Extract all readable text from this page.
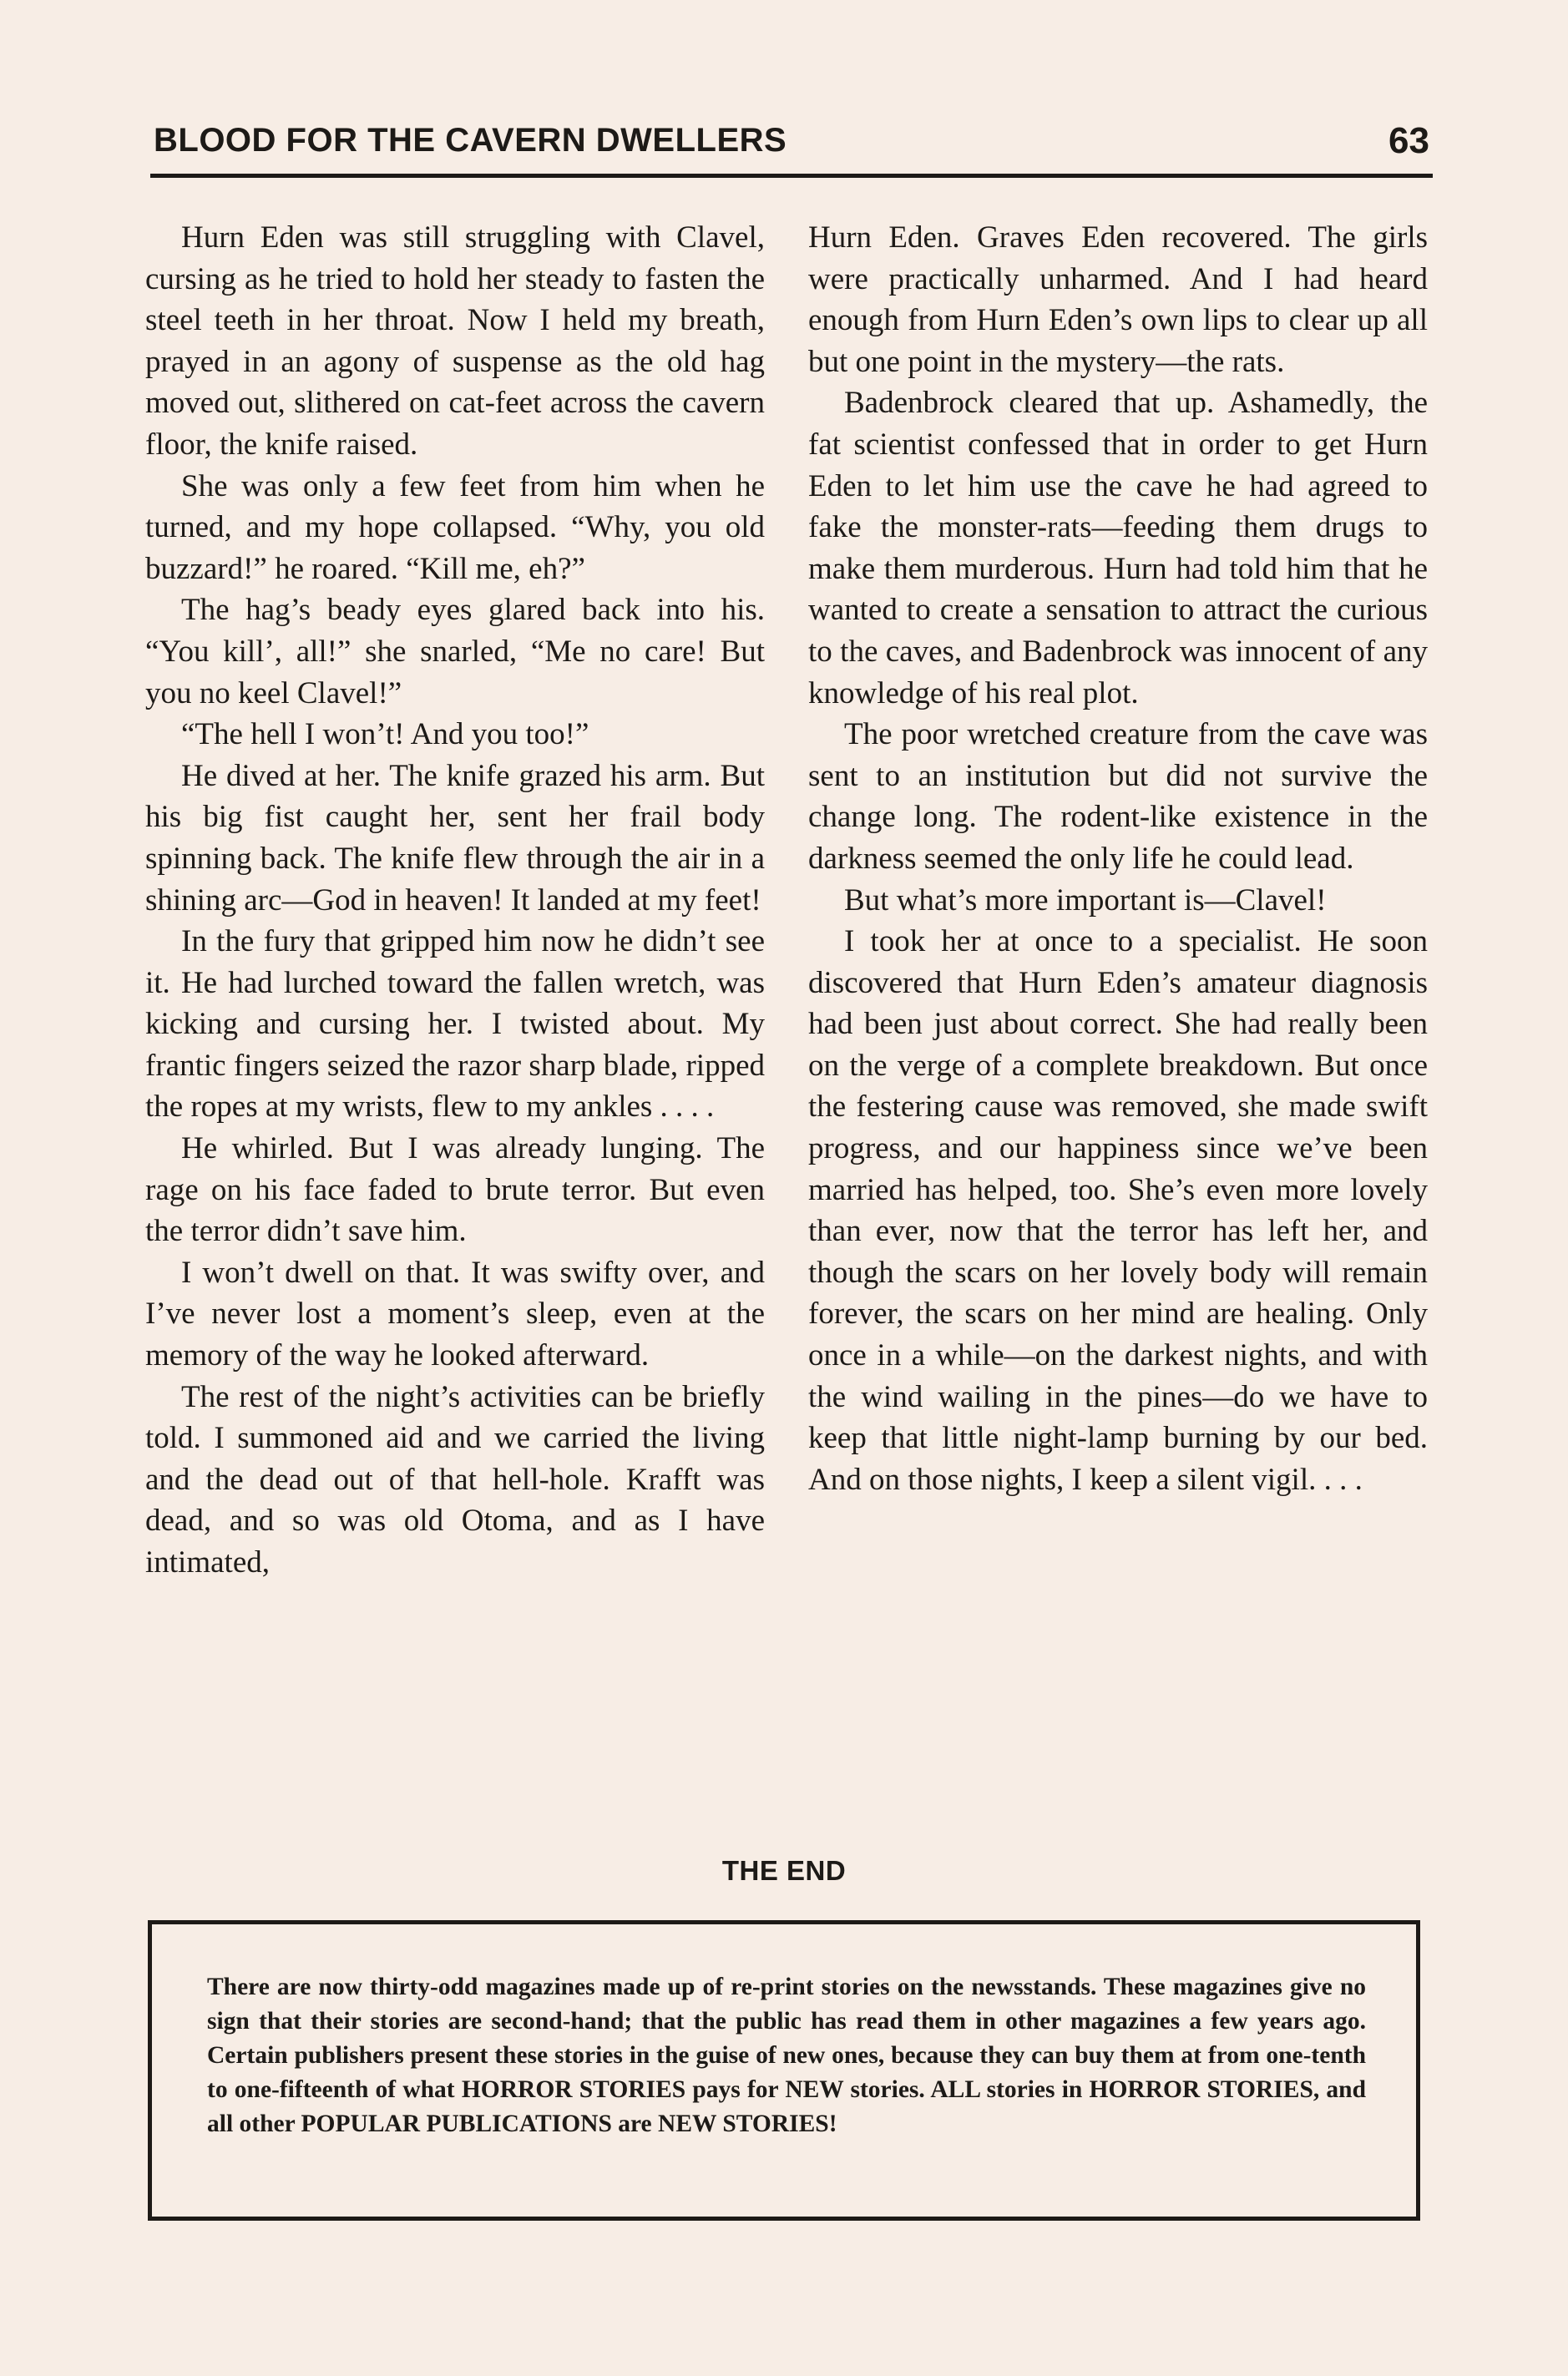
BLOOD FOR THE CAVERN DWELLERS	63

Hurn Eden was still struggling with Clavel, cursing as he tried to hold her steady to fasten the steel teeth in her throat. Now I held my breath, prayed in an agony of suspense as the old hag moved out, slithered on cat-feet across the cavern floor, the knife raised.

She was only a few feet from him when he turned, and my hope collapsed. “Why, you old buzzard!” he roared. “Kill me, eh?”

The hag’s beady eyes glared back into his. “You kill’, all!” she snarled, “Me no care! But you no keel Clavel!”

“The hell I won’t! And you too!”

He dived at her. The knife grazed his arm. But his big fist caught her, sent her frail body spinning back. The knife flew through the air in a shining arc—God in heaven! It landed at my feet!

In the fury that gripped him now he didn’t see it. He had lurched toward the fallen wretch, was kicking and cursing her. I twisted about. My frantic fingers seized the razor sharp blade, ripped the ropes at my wrists, flew to my ankles . . . .

He whirled. But I was already lunging. The rage on his face faded to brute terror. But even the terror didn’t save him.

I won’t dwell on that. It was swifty over, and I’ve never lost a moment’s sleep, even at the memory of the way he looked afterward.

The rest of the night’s activities can be briefly told. I summoned aid and we carried the living and the dead out of that hell-hole. Krafft was dead, and so was old Otoma, and as I have intimated,

Hurn Eden. Graves Eden recovered. The girls were practically unharmed. And I had heard enough from Hurn Eden’s own lips to clear up all but one point in the mystery—the rats.

Badenbrock cleared that up. Ashamedly, the fat scientist confessed that in order to get Hurn Eden to let him use the cave he had agreed to fake the monster-rats—feeding them drugs to make them murderous. Hurn had told him that he wanted to create a sensation to attract the curious to the caves, and Badenbrock was innocent of any knowledge of his real plot.

The poor wretched creature from the cave was sent to an institution but did not survive the change long. The rodent-like existence in the darkness seemed the only life he could lead.

But what’s more important is—Clavel!

I took her at once to a specialist. He soon discovered that Hurn Eden’s amateur diagnosis had been just about correct. She had really been on the verge of a complete breakdown. But once the festering cause was removed, she made swift progress, and our happiness since we’ve been married has helped, too. She’s even more lovely than ever, now that the terror has left her, and though the scars on her lovely body will remain forever, the scars on her mind are healing. Only once in a while—on the darkest nights, and with the wind wailing in the pines—do we have to keep that little night-lamp burning by our bed. And on those nights, I keep a silent vigil. . . .

THE END
There are now thirty-odd magazines made up of re-print stories on the newsstands. These magazines give no sign that their stories are second-hand; that the public has read them in other magazines a few years ago. Certain publishers present these stories in the guise of new ones, because they can buy them at from one-tenth to one-fifteenth of what HORROR STORIES pays for NEW stories. ALL stories in HORROR STORIES, and all other POPULAR PUBLICATIONS are NEW STORIES!
